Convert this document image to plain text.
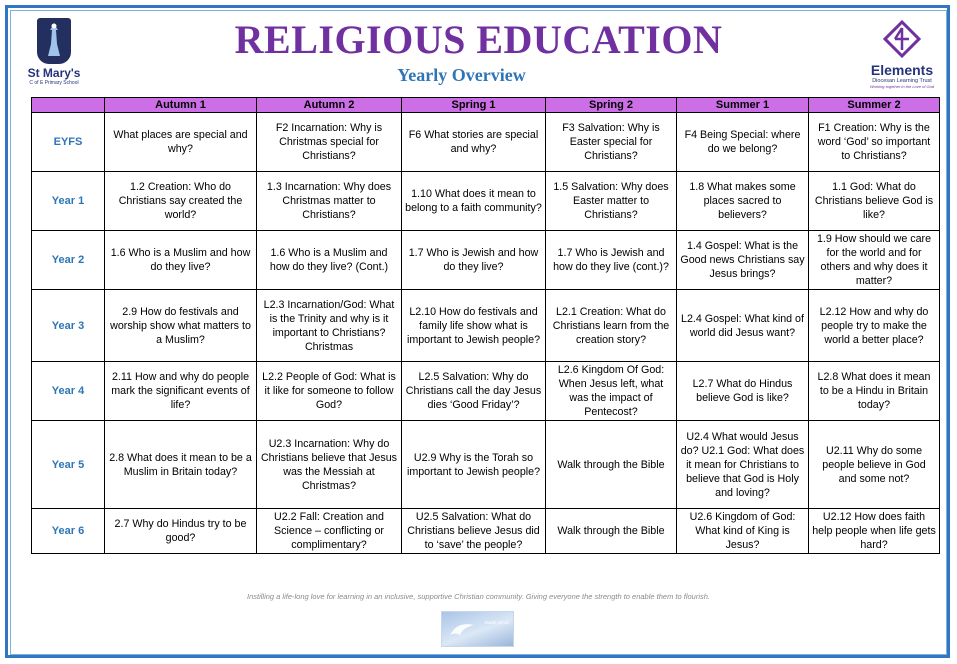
St Mary's
C of E Primary School
RELIGIOUS EDUCATION
Yearly Overview	Elements
Diocesan Learning Trust
Working together in the Love of God
	Autumn 1	Autumn 2	Spring 1	Spring 2	Summer 1	Summer 2
EYFS	What places are special and why?	F2 Incarnation: Why is Christmas special for Christians?	F6 What stories are special and why?	F3 Salvation: Why is Easter special for Christians?	F4 Being Special: where do we belong?	F1 Creation: Why is the word ‘God’ so important to Christians?
Year 1	1.2 Creation: Who do Christians say created the world?	1.3 Incarnation: Why does Christmas matter to Christians?	1.10 What does it mean to belong to a faith community?	1.5 Salvation: Why does Easter matter to Christians?	1.8 What makes some places sacred to believers?	1.1 God: What do Christians believe God is like?
Year 2	1.6 Who is a Muslim and how do they live?	1.6 Who is a Muslim and how do they live? (Cont.)	1.7 Who is Jewish and how do they live?	1.7 Who is Jewish and how do they live (cont.)?	1.4 Gospel: What is the Good news Christians say Jesus brings?	1.9 How should we care for the world and for others and why does it matter?
Year 3	2.9 How do festivals and worship show what matters to a Muslim?	L2.3 Incarnation/God: What is the Trinity and why is it important to Christians? Christmas	L2.10 How do festivals and family life show what is important to Jewish people?	L2.1 Creation: What do Christians learn from the creation story?	L2.4 Gospel: What kind of world did Jesus want?	L2.12 How and why do people try to make the world a better place?
Year 4	2.11 How and why do people mark the significant events of life?	L2.2 People of God: What is it like for someone to follow God?	L2.5 Salvation: Why do Christians call the day Jesus dies ‘Good Friday’?	L2.6 Kingdom Of God: When Jesus left, what was the impact of Pentecost?	L2.7 What do Hindus believe God is like?	L2.8 What does it mean to be a Hindu in Britain today?
Year 5	2.8 What does it mean to be a Muslim in Britain today?	U2.3 Incarnation: Why do Christians believe that Jesus was the Messiah at Christmas?	U2.9 Why is the Torah so important to Jewish people?	Walk through the Bible	U2.4 What would Jesus do? U2.1 God: What does it mean for Christians to believe that God is Holy and loving?	U2.11 Why do some people believe in God and some not?
Year 6	2.7 Why do Hindus try to be good?	U2.2 Fall: Creation and Science – conflicting or complimentary?	U2.5 Salvation: What do Christians believe Jesus did to ‘save’ the people?	Walk through the Bible	U2.6 Kingdom of God: What kind of King is Jesus?	U2.12 How does faith help people when life gets hard?
Instilling a life-long love for learning in an inclusive, supportive Christian community. Giving everyone the strength to enable them to flourish.
Isaiah 40:31
